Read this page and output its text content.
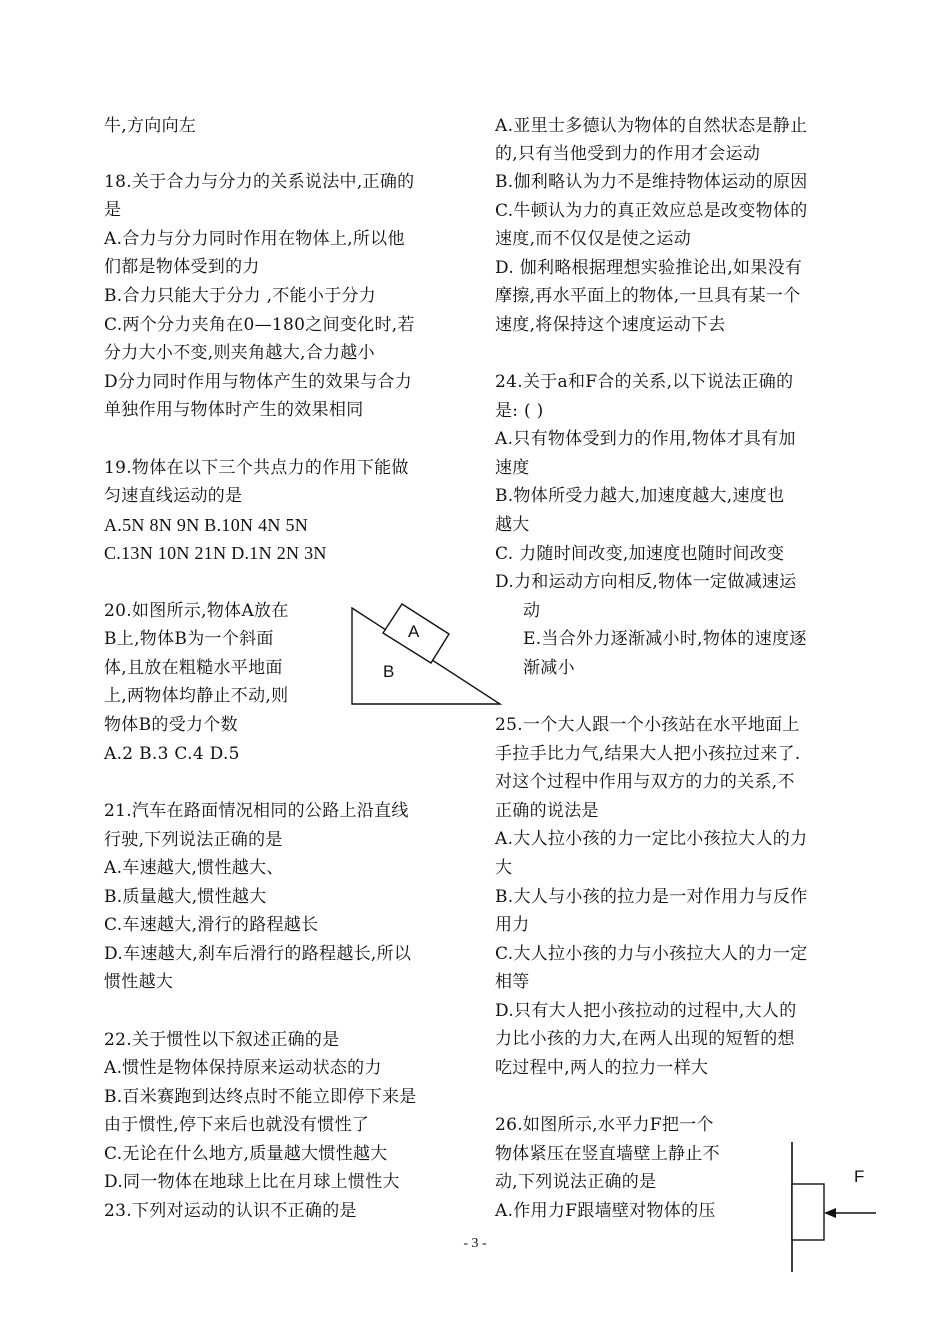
牛,方向向左
18.关于合力与分力的关系说法中,正确的
是
A.合力与分力同时作用在物体上,所以他
们都是物体受到的力
B.合力只能大于分力 ,不能小于分力
C.两个分力夹角在0—180之间变化时,若
分力大小不变,则夹角越大,合力越小
D分力同时作用与物体产生的效果与合力
单独作用与物体时产生的效果相同
19.物体在以下三个共点力的作用下能做
匀速直线运动的是
A.5N 8N 9N B.10N 4N 5N
C.13N 10N 21N D.1N 2N 3N
20.如图所示,物体A放在
B上,物体B为一个斜面
体,且放在粗糙水平地面
上,两物体均静止不动,则
物体B的受力个数
A.2 B.3 C.4 D.5
21.汽车在路面情况相同的公路上沿直线
行驶,下列说法正确的是
A.车速越大,惯性越大、
B.质量越大,惯性越大
C.车速越大,滑行的路程越长
D.车速越大,刹车后滑行的路程越长,所以
惯性越大
22.关于惯性以下叙述正确的是
A.惯性是物体保持原来运动状态的力
B.百米赛跑到达终点时不能立即停下来是
由于惯性,停下来后也就没有惯性了
C.无论在什么地方,质量越大惯性越大
D.同一物体在地球上比在月球上惯性大
23.下列对运动的认识不正确的是
A
B
A.亚里士多德认为物体的自然状态是静止
的,只有当他受到力的作用才会运动
B.伽利略认为力不是维持物体运动的原因
C.牛顿认为力的真正效应总是改变物体的
速度,而不仅仅是使之运动
D. 伽利略根据理想实验推论出,如果没有
摩擦,再水平面上的物体,一旦具有某一个
速度,将保持这个速度运动下去
24.关于a和F合的关系,以下说法正确的
是: ( )
A.只有物体受到力的作用,物体才具有加
速度
B.物体所受力越大,加速度越大,速度也
越大
C. 力随时间改变,加速度也随时间改变
D.力和运动方向相反,物体一定做减速运
动
E.当合外力逐渐减小时,物体的速度逐
渐减小
25.一个大人跟一个小孩站在水平地面上
手拉手比力气,结果大人把小孩拉过来了.
对这个过程中作用与双方的力的关系,不
正确的说法是
A.大人拉小孩的力一定比小孩拉大人的力
大
B.大人与小孩的拉力是一对作用力与反作
用力
C.大人拉小孩的力与小孩拉大人的力一定
相等
D.只有大人把小孩拉动的过程中,大人的
力比小孩的力大,在两人出现的短暂的想
吃过程中,两人的拉力一样大
26.如图所示,水平力F把一个
物体紧压在竖直墙壁上静止不
动,下列说法正确的是
A.作用力F跟墙壁对物体的压
F
- 3 -
